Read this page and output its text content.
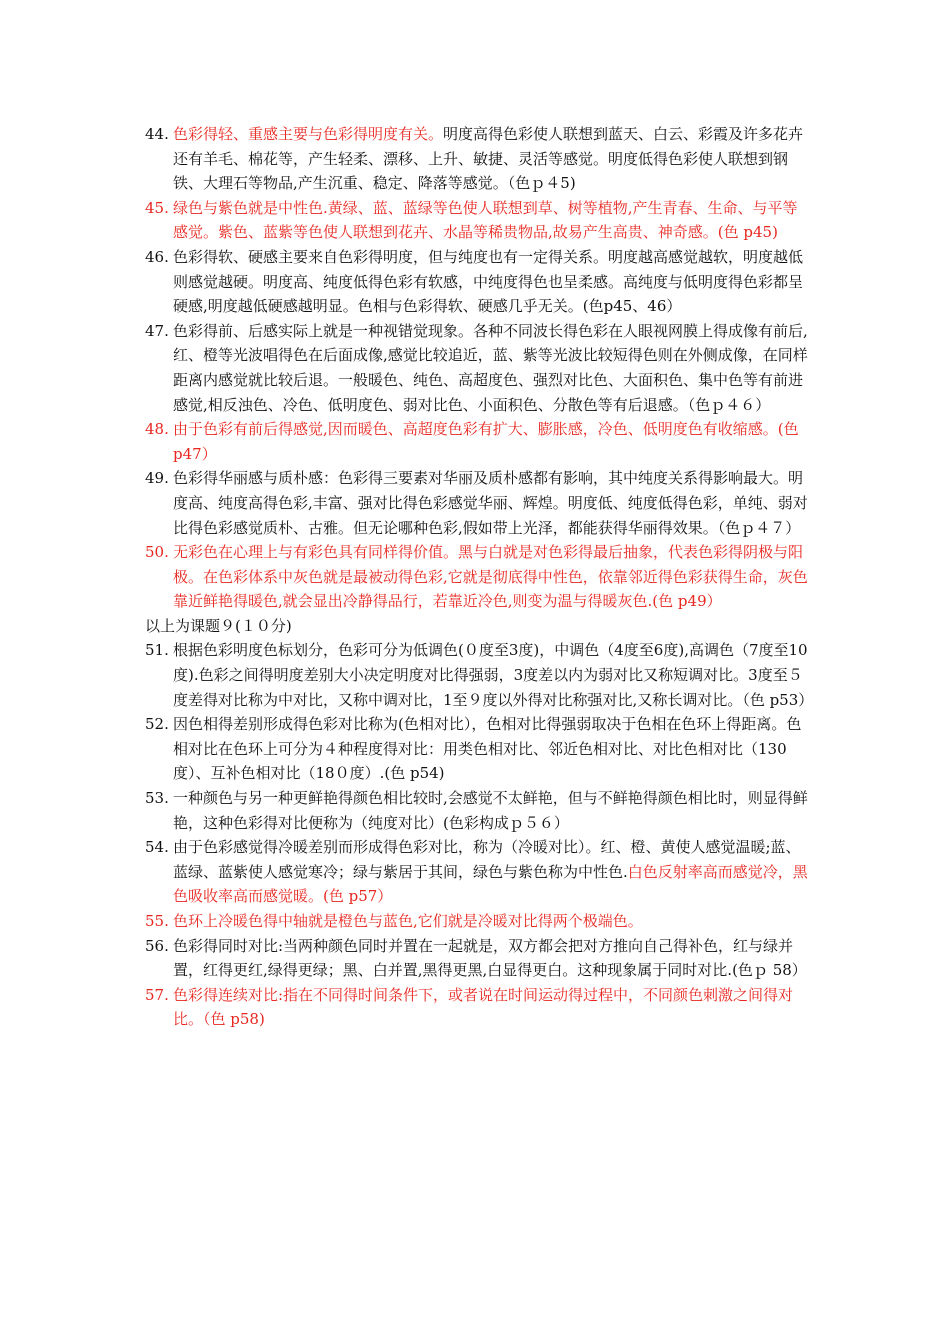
44. 色彩得轻、重感主要与色彩得明度有关。明度高得色彩使人联想到蓝天、白云、彩霞及许多花卉还有羊毛、棉花等，产生轻柔、漂移、上升、敏捷、灵活等感觉。明度低得色彩使人联想到钢铁、大理石等物品,产生沉重、稳定、降落等感觉。（色ｐ４5)

45. 绿色与紫色就是中性色.黄绿、蓝、蓝绿等色使人联想到草、树等植物,产生青春、生命、与平等感觉。紫色、蓝紫等色使人联想到花卉、水晶等稀贵物品,故易产生高贵、神奇感。(色 p45)

46. 色彩得软、硬感主要来自色彩得明度，但与纯度也有一定得关系。明度越高感觉越软，明度越低则感觉越硬。明度高、纯度低得色彩有软感，中纯度得色也呈柔感。高纯度与低明度得色彩都呈硬感,明度越低硬感越明显。色相与色彩得软、硬感几乎无关。(色p45、46）

47. 色彩得前、后感实际上就是一种视错觉现象。各种不同波长得色彩在人眼视网膜上得成像有前后,红、橙等光波唱得色在后面成像,感觉比较追近，蓝、紫等光波比较短得色则在外侧成像，在同样距离内感觉就比较后退。一般暖色、纯色、高超度色、强烈对比色、大面积色、集中色等有前进感觉,相反浊色、冷色、低明度色、弱对比色、小面积色、分散色等有后退感。（色ｐ４６）

48. 由于色彩有前后得感觉,因而暖色、高超度色彩有扩大、膨胀感，冷色、低明度色有收缩感。(色 p47）

49. 色彩得华丽感与质朴感：色彩得三要素对华丽及质朴感都有影响，其中纯度关系得影响最大。明度高、纯度高得色彩,丰富、强对比得色彩感觉华丽、辉煌。明度低、纯度低得色彩，单纯、弱对比得色彩感觉质朴、古雅。但无论哪种色彩,假如带上光泽，都能获得华丽得效果。（色ｐ４７）

50. 无彩色在心理上与有彩色具有同样得价值。黑与白就是对色彩得最后抽象，代表色彩得阴极与阳极。在色彩体系中灰色就是最被动得色彩,它就是彻底得中性色，依靠邻近得色彩获得生命，灰色靠近鲜艳得暖色,就会显出冷静得品行，若靠近冷色,则变为温与得暖灰色.(色 p49）

以上为课题９(１０分)

51. 根据色彩明度色标划分，色彩可分为低调色(０度至3度)，中调色（4度至6度),高调色（7度至10度).色彩之间得明度差别大小决定明度对比得强弱，3度差以内为弱对比又称短调对比。3度至５度差得对比称为中对比，又称中调对比，1至９度以外得对比称强对比,又称长调对比。（色 p53）

52. 因色相得差别形成得色彩对比称为(色相对比），色相对比得强弱取决于色相在色环上得距离。色相对比在色环上可分为４种程度得对比：用类色相对比、邻近色相对比、对比色相对比（130度）、互补色相对比（18０度）.(色 p54)

53. 一种颜色与另一种更鲜艳得颜色相比较时,会感觉不太鲜艳，但与不鲜艳得颜色相比时，则显得鲜艳，这种色彩得对比便称为（纯度对比）(色彩构成ｐ５６）

54. 由于色彩感觉得冷暖差别而形成得色彩对比，称为（冷暖对比）。红、橙、黄使人感觉温暖;蓝、蓝绿、蓝紫使人感觉寒冷；绿与紫居于其间，绿色与紫色称为中性色.白色反射率高而感觉冷，黑色吸收率高而感觉暖。(色 p57）

55. 色环上冷暖色得中轴就是橙色与蓝色,它们就是冷暖对比得两个极端色。

56. 色彩得同时对比:当两种颜色同时并置在一起就是，双方都会把对方推向自己得补色，红与绿并置，红得更红,绿得更绿；黑、白并置,黑得更黑,白显得更白。这种现象属于同时对比.(色ｐ 58）

57. 色彩得连续对比:指在不同得时间条件下，或者说在时间运动得过程中，不同颜色刺激之间得对比。（色 p58)
